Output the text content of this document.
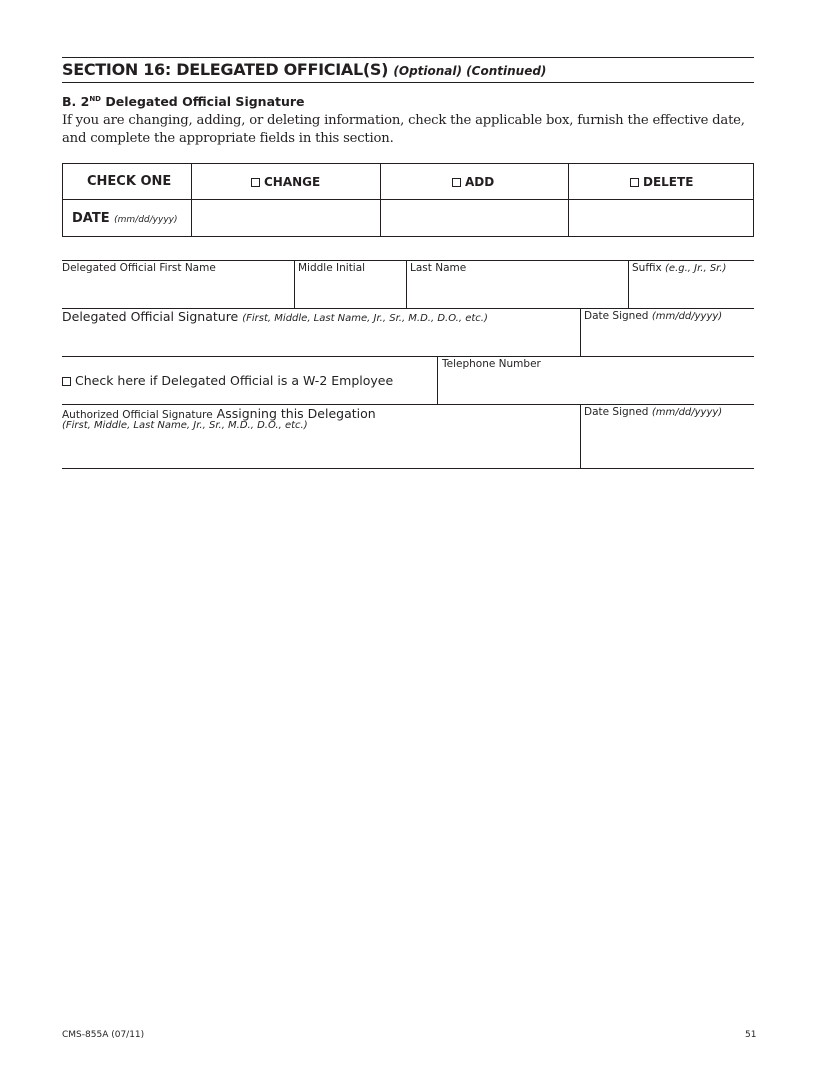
SECTION 16: DELEGATED OFFICIAL(S) (Optional) (Continued)
B. 2ND Delegated Official Signature
If you are changing, adding, or deleting information, check the applicable box, furnish the effective date,
and complete the appropriate fields in this section.
CHECK ONE	CHANGE	ADD	DELETE
DATE (mm/dd/yyyy)
Delegated Official First Name	Middle Initial	Last Name	Suffix (e.g., Jr., Sr.)
Delegated Official Signature (First, Middle, Last Name, Jr., Sr., M.D., D.O., etc.)	Date Signed (mm/dd/yyyy)
Check here if Delegated Official is a W-2 Employee
Telephone Number
Authorized Official Signature Assigning this Delegation
(First, Middle, Last Name, Jr., Sr., M.D., D.O., etc.)
Date Signed (mm/dd/yyyy)
CMS-855A (07/11)	51
